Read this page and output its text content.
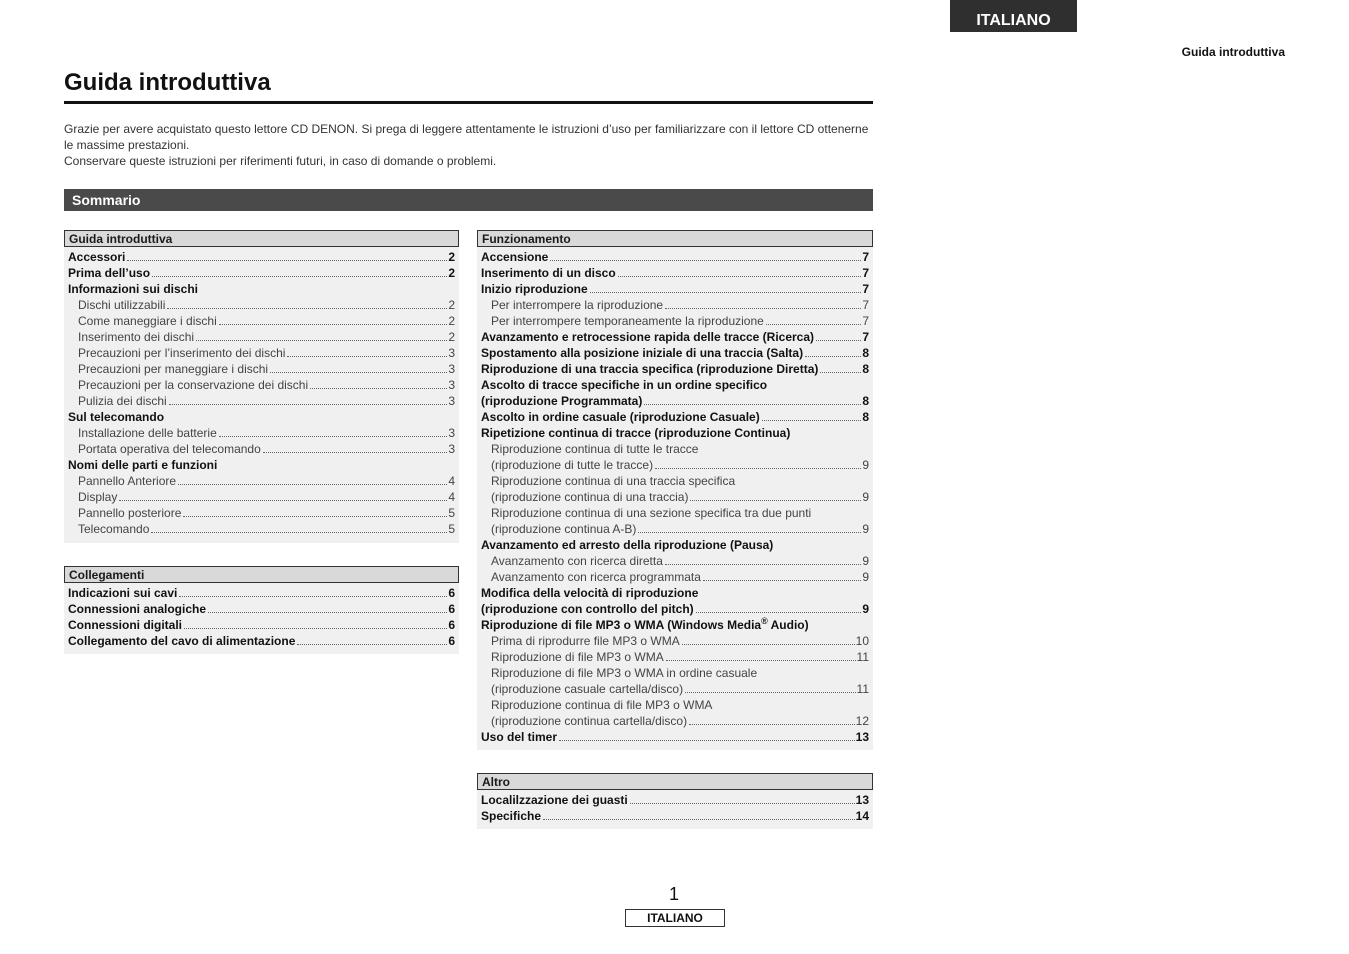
ITALIANO
Guida introduttiva
Guida introduttiva

Grazie per avere acquistato questo lettore CD DENON. Si prega di leggere attentamente le istruzioni d’uso per familiarizzare con il lettore CD ottenerne le massime prestazioni.

Conservare queste istruzioni per riferimenti futuri, in caso di domande o problemi.

Sommario
Guida introduttiva
Accessori	2
Prima dell’uso	2
Informazioni sui dischi
Dischi utilizzabili	2
Come maneggiare i dischi	2
Inserimento dei dischi	2
Precauzioni per l’inserimento dei dischi	3
Precauzioni per maneggiare i dischi	3
Precauzioni per la conservazione dei dischi	3
Pulizia dei dischi	3
Sul telecomando
Installazione delle batterie	3
Portata operativa del telecomando	3
Nomi delle parti e funzioni
Pannello Anteriore	4
Display	4
Pannello posteriore	5
Telecomando	5
Collegamenti
Indicazioni sui cavi	6
Connessioni analogiche	6
Connessioni digitali	6
Collegamento del cavo di alimentazione	6
Funzionamento
Accensione	7
Inserimento di un disco	7
Inizio riproduzione	7
Per interrompere la riproduzione	7
Per interrompere temporaneamente la riproduzione	7
Avanzamento e retrocessione rapida delle tracce (Ricerca)	7
Spostamento alla posizione iniziale di una traccia (Salta)	8
Riproduzione di una traccia specifica (riproduzione Diretta)	8
Ascolto di tracce specifiche in un ordine specifico
(riproduzione Programmata)	8
Ascolto in ordine casuale (riproduzione Casuale)	8
Ripetizione continua di tracce (riproduzione Continua)
Riproduzione continua di tutte le tracce
(riproduzione di tutte le tracce)	9
Riproduzione continua di una traccia specifica
(riproduzione continua di una traccia)	9
Riproduzione continua di una sezione specifica tra due punti
(riproduzione continua A-B)	9
Avanzamento ed arresto della riproduzione (Pausa)
Avanzamento con ricerca diretta	9
Avanzamento con ricerca programmata	9
Modifica della velocità di riproduzione
(riproduzione con controllo del pitch)	9
Riproduzione di file MP3 o WMA (Windows Media® Audio)
Prima di riprodurre file MP3 o WMA	10
Riproduzione di file MP3 o WMA	11
Riproduzione di file MP3 o WMA in ordine casuale
(riproduzione casuale cartella/disco)	11
Riproduzione continua di file MP3 o WMA
(riproduzione continua cartella/disco)	12
Uso del timer	13
Altro
Localilzzazione dei guasti	13
Specifiche	14
1
ITALIANO
